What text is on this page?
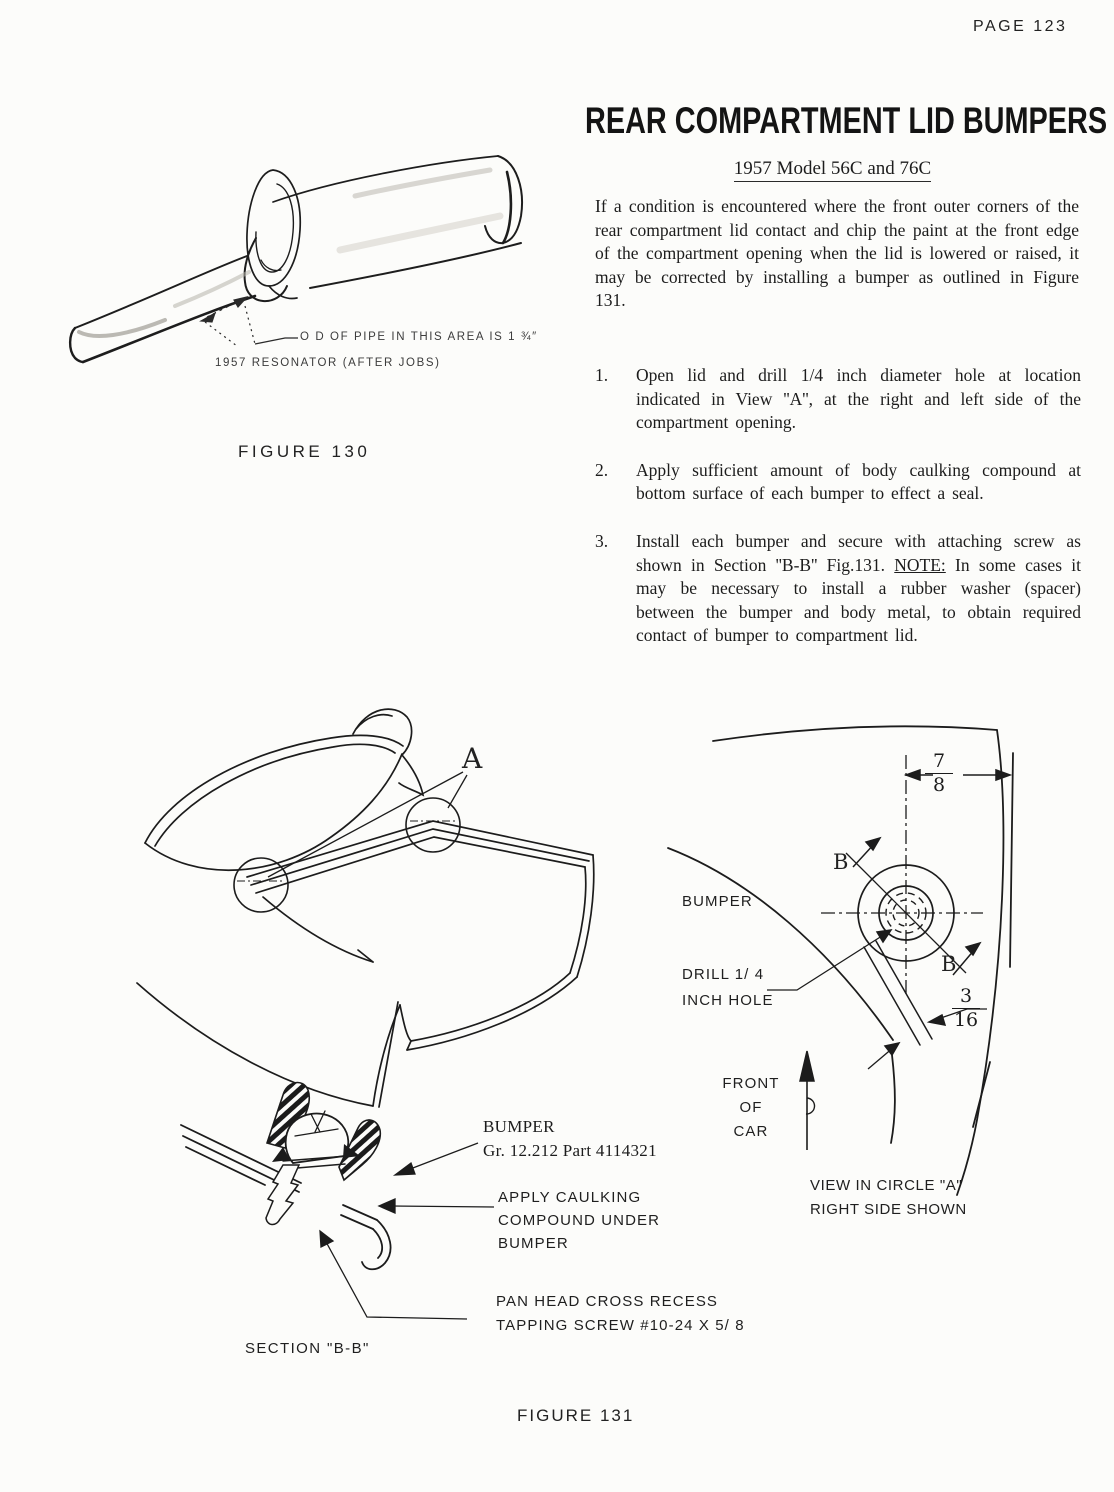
PAGE 123
O D OF PIPE IN THIS AREA IS 1 ¾″
1957 RESONATOR (AFTER JOBS)
FIGURE 130
REAR COMPARTMENT LID BUMPERS
1957 Model 56C and 76C

If a condition is encountered where the front outer corners of the rear compartment lid contact and chip the paint at the front edge of the compartment opening when the lid is lowered or raised, it may be corrected by installing a bumper as outlined in Figure 131.

1.	Open lid and drill 1/4 inch diameter hole at location indicated in View ''A'', at the right and left side of the compartment opening.
2.	Apply sufficient amount of body caulking compound at bottom surface of each bumper to effect a seal.
3.	Install each bumper and secure with attaching screw as shown in Section ''B-B'' Fig.131. NOTE: In some cases it may be necessary to install a rubber washer (spacer) between the bumper and body metal, to obtain required contact of bumper to compartment lid.
A
B
B
$\frac{7}{8}$
$\frac{3}{16}$
BUMPER
DRILL 1/ 4
INCH HOLE
FRONT
OF
CAR
VIEW IN CIRCLE "A"
RIGHT SIDE SHOWN
BUMPER
Gr. 12.212 Part 4114321
APPLY CAULKING
COMPOUND UNDER
BUMPER
PAN HEAD CROSS RECESS
TAPPING SCREW #10-24 X 5/ 8
SECTION "B-B"
FIGURE 131
